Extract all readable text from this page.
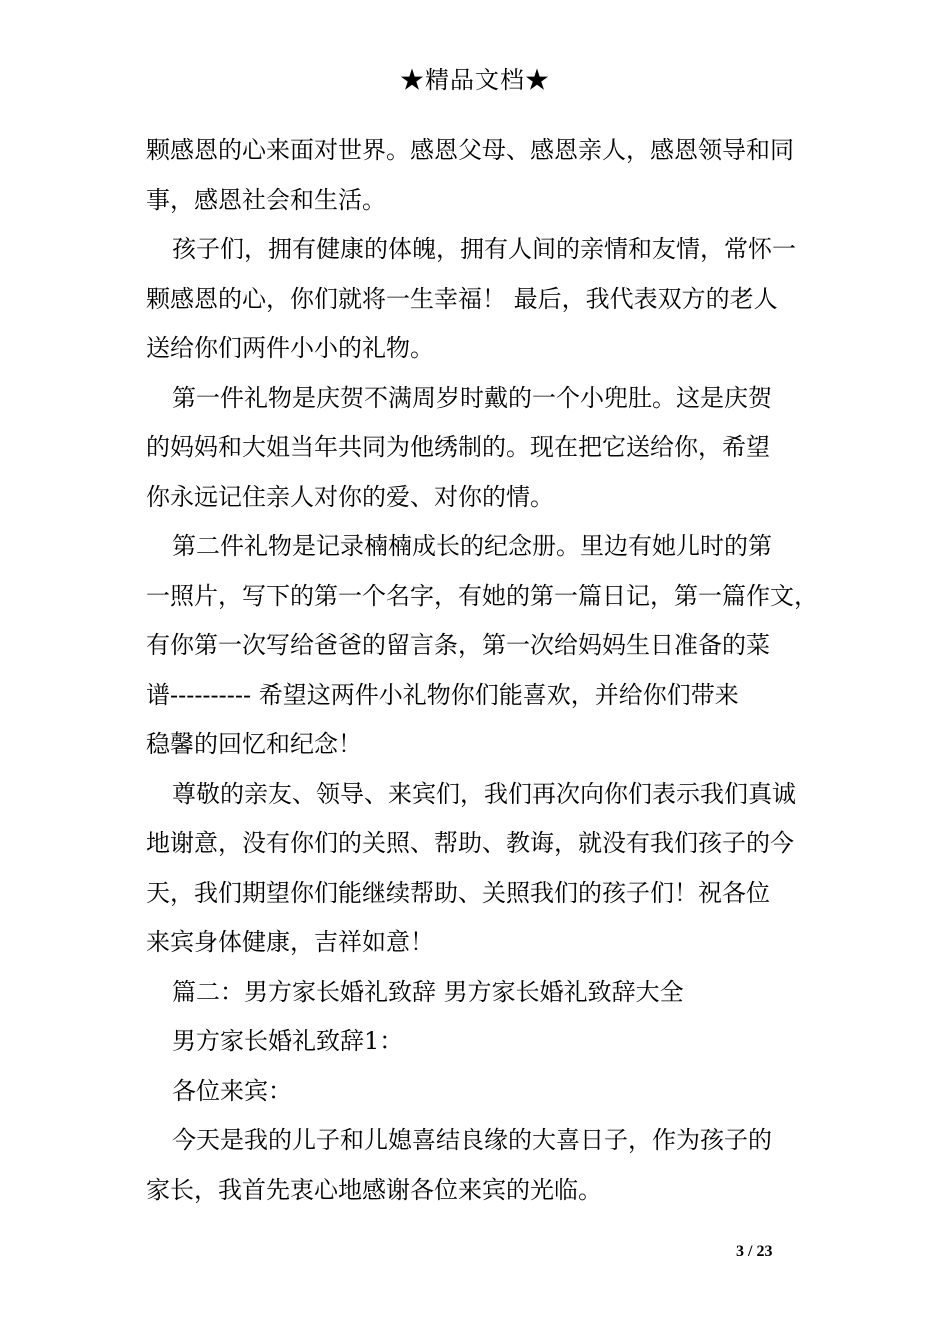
★精品文档★
颗感恩的心来面对世界。感恩父母、感恩亲人，感恩领导和同
事，感恩社会和生活。
孩子们，拥有健康的体魄，拥有人间的亲情和友情，常怀一
颗感恩的心，你们就将一生幸福！ 最后，我代表双方的老人
送给你们两件小小的礼物。
第一件礼物是庆贺不满周岁时戴的一个小兜肚。这是庆贺
的妈妈和大姐当年共同为他绣制的。现在把它送给你，希望
你永远记住亲人对你的爱、对你的情。
第二件礼物是记录楠楠成长的纪念册。里边有她儿时的第
一照片，写下的第一个名字，有她的第一篇日记，第一篇作文，
有你第一次写给爸爸的留言条，第一次给妈妈生日准备的菜
谱---------- 希望这两件小礼物你们能喜欢，并给你们带来
稳馨的回忆和纪念！
尊敬的亲友、领导、来宾们，我们再次向你们表示我们真诚
地谢意，没有你们的关照、帮助、教诲，就没有我们孩子的今
天，我们期望你们能继续帮助、关照我们的孩子们！祝各位
来宾身体健康，吉祥如意！
篇二：男方家长婚礼致辞 男方家长婚礼致辞大全
男方家长婚礼致辞1：
各位来宾：
今天是我的儿子和儿媳喜结良缘的大喜日子，作为孩子的
家长，我首先衷心地感谢各位来宾的光临。
3 / 23
